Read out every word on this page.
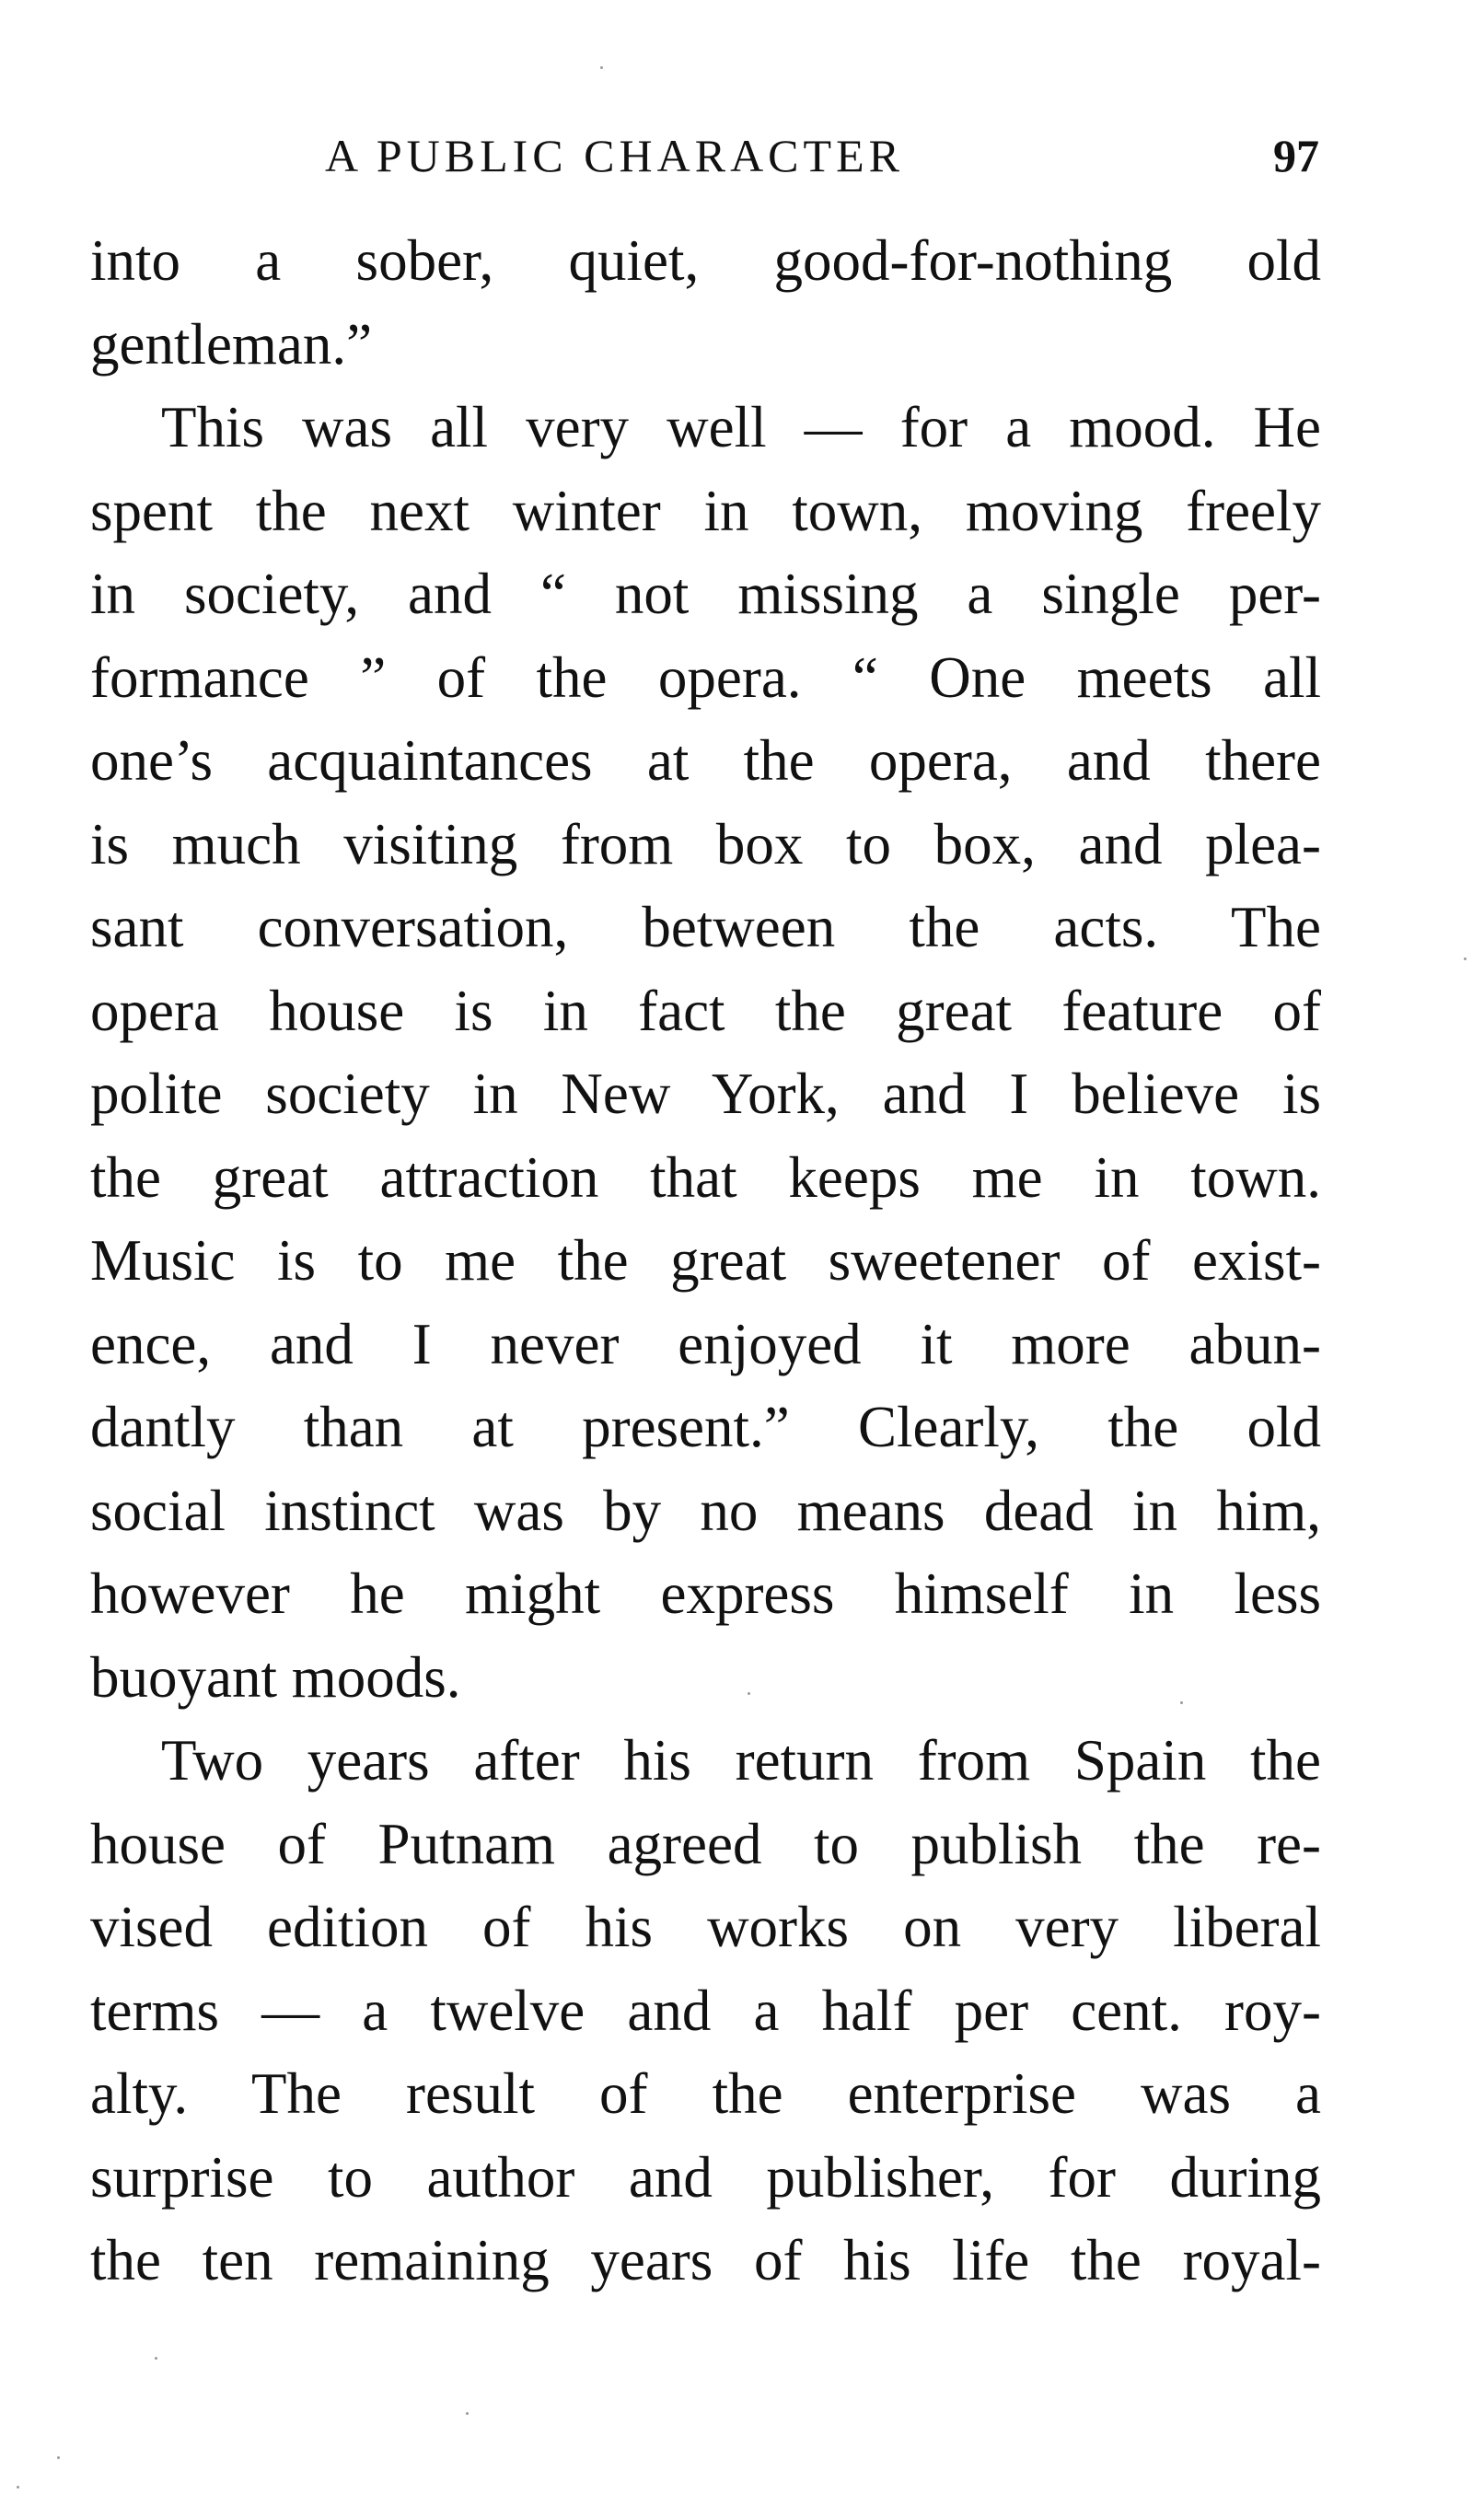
A PUBLIC CHARACTER	97
into a sober, quiet, good-for-nothing old
gentleman.”
This was all very well — for a mood. He
spent the next winter in town, moving freely
in society, and “ not missing a single per-
formance ” of the opera. “ One meets all
one’s acquaintances at the opera, and there
is much visiting from box to box, and plea-
sant conversation, between the acts. The
opera house is in fact the great feature of
polite society in New York, and I believe is
the great attraction that keeps me in town.
Music is to me the great sweetener of exist-
ence, and I never enjoyed it more abun-
dantly than at present.” Clearly, the old
social instinct was by no means dead in him,
however he might express himself in less
buoyant moods.
Two years after his return from Spain the
house of Putnam agreed to publish the re-
vised edition of his works on very liberal
terms — a twelve and a half per cent. roy-
alty. The result of the enterprise was a
surprise to author and publisher, for during
the ten remaining years of his life the royal-
